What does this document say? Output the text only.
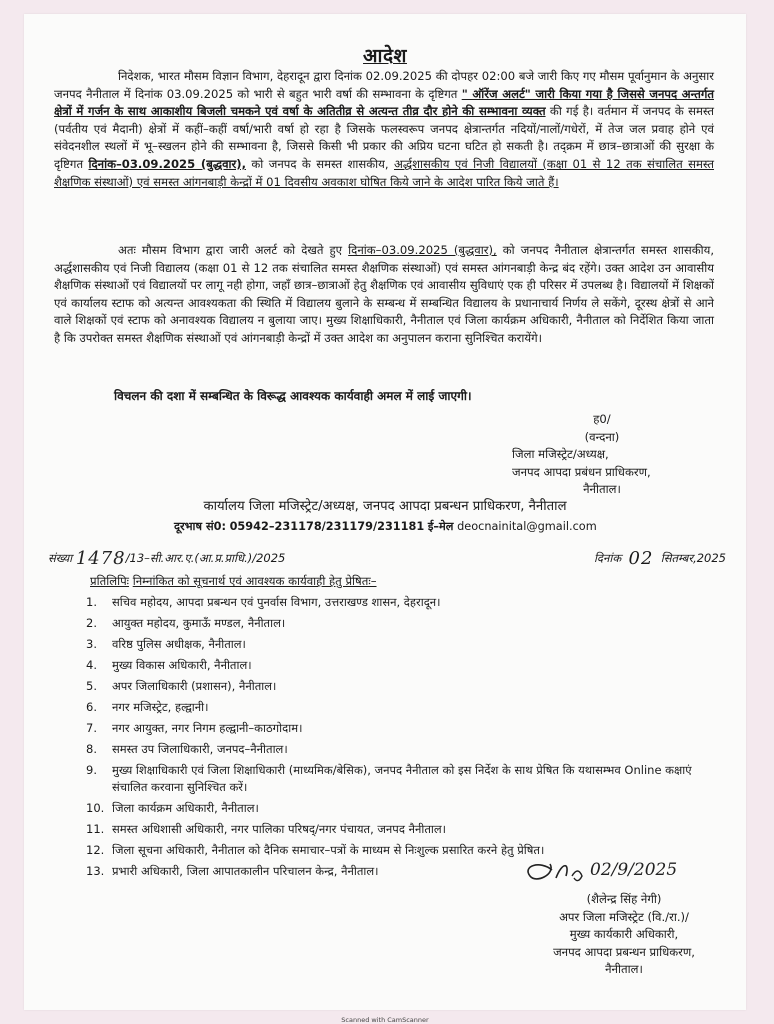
आदेश
निदेशक, भारत मौसम विज्ञान विभाग, देहरादून द्वारा दिनांक 02.09.2025 की दोपहर 02:00 बजे जारी किए गए मौसम पूर्वानुमान के अनुसार जनपद नैनीताल में दिनांक 03.09.2025 को भारी से बहुत भारी वर्षा की सम्भावना के दृष्टिगत " ऑरेंज अलर्ट" जारी किया गया है जिससे जनपद अन्तर्गत क्षेत्रों में गर्जन के साथ आकाशीय बिजली चमकने एवं वर्षा के अतितीव्र से अत्यन्त तीव्र दौर होने की सम्भावना व्यक्त की गई है। वर्तमान में जनपद के समस्त (पर्वतीय एवं मैदानी) क्षेत्रों में कहीं–कहीं वर्षा/भारी वर्षा हो रहा है जिसके फलस्वरूप जनपद क्षेत्रान्तर्गत नदियों/नालों/गधेरों, में तेज जल प्रवाह होने एवं संवेदनशील स्थलों में भू–स्खलन होने की सम्भावना है, जिससे किसी भी प्रकार की अप्रिय घटना घटित हो सकती है। तद्क्रम में छात्र–छात्राओं की सुरक्षा के दृष्टिगत दिनांक–03.09.2025 (बुद्धवार), को जनपद के समस्त शासकीय, अर्द्धशासकीय एवं निजी विद्यालयों (कक्षा 01 से 12 तक संचालित समस्त शैक्षणिक संस्थाओं) एवं समस्त आंगनबाड़ी केन्द्रों में 01 दिवसीय अवकाश घोषित किये जाने के आदेश पारित किये जाते हैं।
अतः मौसम विभाग द्वारा जारी अलर्ट को देखते हुए दिनांक–03.09.2025 (बुद्धवार), को जनपद नैनीताल क्षेत्रान्तर्गत समस्त शासकीय, अर्द्धशासकीय एवं निजी विद्यालय (कक्षा 01 से 12 तक संचालित समस्त शैक्षणिक संस्थाओं) एवं समस्त आंगनबाड़ी केन्द्र बंद रहेंगे। उक्त आदेश उन आवासीय शैक्षणिक संस्थाओं एवं विद्यालयों पर लागू नही होगा, जहाँ छात्र–छात्राओं हेतु शैक्षणिक एवं आवासीय सुविधाएं एक ही परिसर में उपलब्ध है। विद्यालयों में शिक्षकों एवं कार्यालय स्टाफ को अत्यन्त आवश्यकता की स्थिति में विद्यालय बुलाने के सम्बन्ध में सम्बन्धित विद्यालय के प्रधानाचार्य निर्णय ले सकेंगे, दूरस्थ क्षेत्रों से आने वाले शिक्षकों एवं स्टाफ को अनावश्यक विद्यालय न बुलाया जाए। मुख्य शिक्षाधिकारी, नैनीताल एवं जिला कार्यक्रम अधिकारी, नैनीताल को निर्देशित किया जाता है कि उपरोक्त समस्त शैक्षणिक संस्थाओं एवं आंगनबाड़ी केन्द्रों में उक्त आदेश का अनुपालन कराना सुनिश्चित करायेंगे।
विचलन की दशा में सम्बन्धित के विरूद्ध आवश्यक कार्यवाही अमल में लाई जाएगी।
ह0/
(वन्दना)
जिला मजिस्ट्रेट/अध्यक्ष,
जनपद आपदा प्रबंधन प्राधिकरण,
नैनीताल।
कार्यालय जिला मजिस्ट्रेट/अध्यक्ष, जनपद आपदा प्रबन्धन प्राधिकरण, नैनीताल
दूरभाष सं0: 05942–231178/231179/231181 ई–मेल deocnainital@gmail.com
संख्या 1478/13–सी.आर.ए.(आ.प्र.प्राधि.)/2025	दिनांक 02 सितम्बर,2025
प्रतिलिपिः निम्नांकित को सूचनार्थ एवं आवश्यक कार्यवाही हेतु प्रेषितः–
1. सचिव महोदय, आपदा प्रबन्धन एवं पुनर्वास विभाग, उत्तराखण्ड शासन, देहरादून।
2. आयुक्त महोदय, कुमाऊँ मण्डल, नैनीताल।
3. वरिष्ठ पुलिस अधीक्षक, नैनीताल।
4. मुख्य विकास अधिकारी, नैनीताल।
5. अपर जिलाधिकारी (प्रशासन), नैनीताल।
6. नगर मजिस्ट्रेट, हल्द्वानी।
7. नगर आयुक्त, नगर निगम हल्द्वानी–काठगोदाम।
8. समस्त उप जिलाधिकारी, जनपद–नैनीताल।
9. मुख्य शिक्षाधिकारी एवं जिला शिक्षाधिकारी (माध्यमिक/बेसिक), जनपद नैनीताल को इस निर्देश के साथ प्रेषित कि यथासम्भव Online कक्षाएं संचालित करवाना सुनिश्चित करें।
10. जिला कार्यक्रम अधिकारी, नैनीताल।
11. समस्त अधिशासी अधिकारी, नगर पालिका परिषद्/नगर पंचायत, जनपद नैनीताल।
12. जिला सूचना अधिकारी, नैनीताल को दैनिक समाचार–पत्रों के माध्यम से निःशुल्क प्रसारित करने हेतु प्रेषित।
13. प्रभारी अधिकारी, जिला आपातकालीन परिचालन केन्द्र, नैनीताल।	02/9/2025
(शैलेन्द्र सिंह नेगी)
अपर जिला मजिस्ट्रेट (वि./रा.)/
मुख्य कार्यकारी अधिकारी,
जनपद आपदा प्रबन्धन प्राधिकरण,
नैनीताल।
Scanned with CamScanner
